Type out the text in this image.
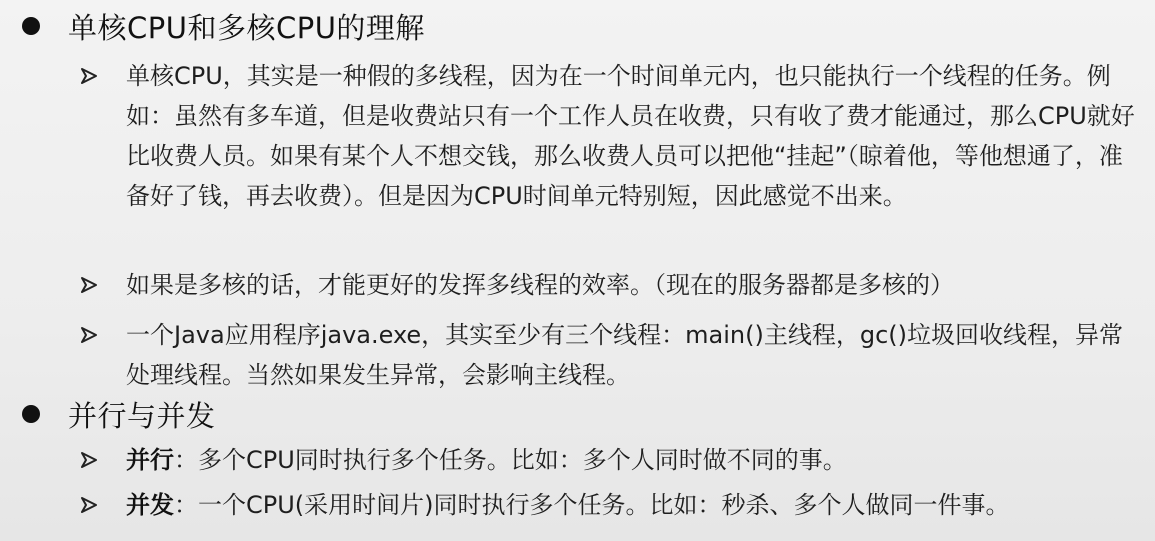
单核CPU和多核CPU的理解
单核CPU，其实是一种假的多线程，因为在一个时间单元内，也只能执行一个线程的任务。例如：虽然有多车道，但是收费站只有一个工作人员在收费，只有收了费才能通过，那么CPU就好比收费人员。如果有某个人不想交钱，那么收费人员可以把他“挂起”（晾着他，等他想通了，准备好了钱，再去收费）。但是因为CPU时间单元特别短，因此感觉不出来。
如果是多核的话，才能更好的发挥多线程的效率。（现在的服务器都是多核的）
一个Java应用程序java.exe，其实至少有三个线程：main()主线程，gc()垃圾回收线程，异常处理线程。当然如果发生异常，会影响主线程。
并行与并发
并行：多个CPU同时执行多个任务。比如：多个人同时做不同的事。
并发：一个CPU(采用时间片)同时执行多个任务。比如：秒杀、多个人做同一件事。
